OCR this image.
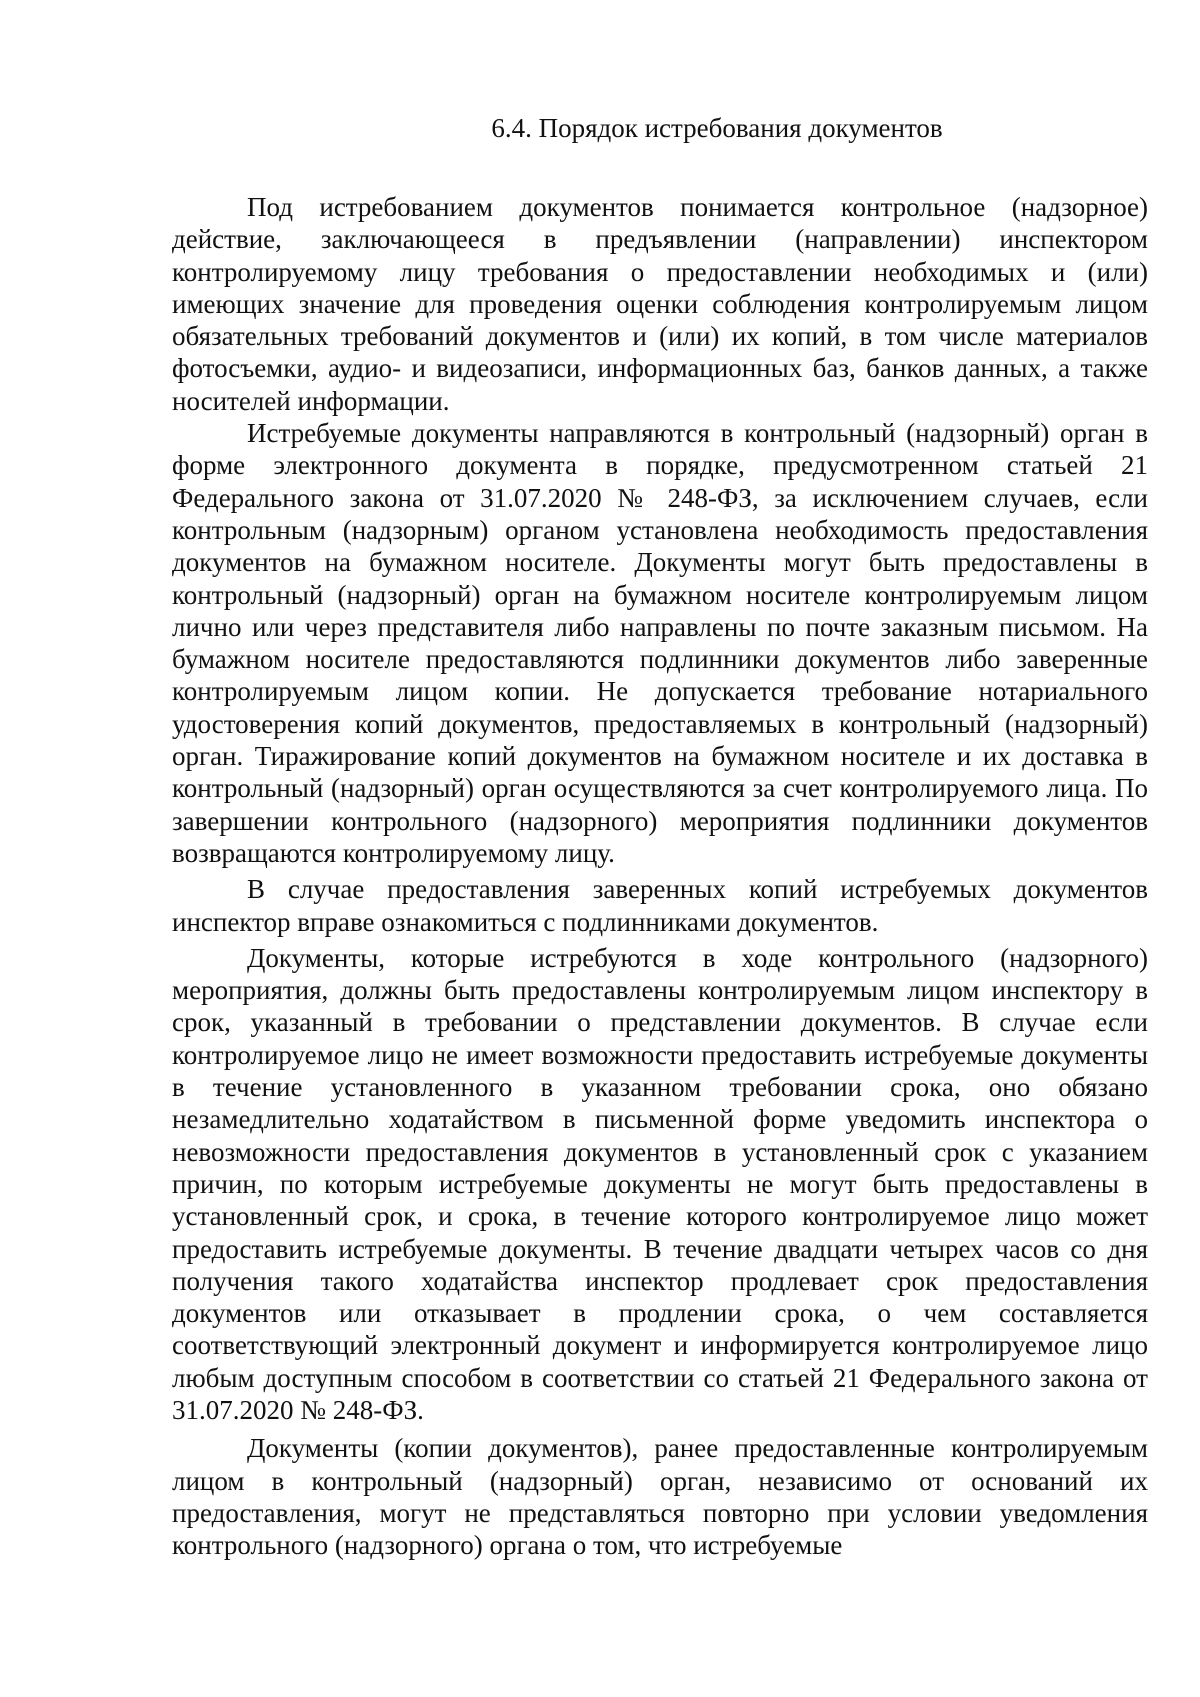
6.4. Порядок истребования документов

Под истребованием документов понимается контрольное (надзорное) действие, заключающееся в предъявлении (направлении) инспектором контролируемому лицу требования о предоставлении необходимых и (или) имеющих значение для проведения оценки соблюдения контролируемым лицом обязательных требований документов и (или) их копий, в том числе материалов фотосъемки, аудио- и видеозаписи, информационных баз, банков данных, а также носителей информации.

Истребуемые документы направляются в контрольный (надзорный) орган в форме электронного документа в порядке, предусмотренном статьей 21 Федерального закона от 31.07.2020 № 248-ФЗ, за исключением случаев, если контрольным (надзорным) органом установлена необходимость предоставления документов на бумажном носителе. Документы могут быть предоставлены в контрольный (надзорный) орган на бумажном носителе контролируемым лицом лично или через представителя либо направлены по почте заказным письмом. На бумажном носителе предоставляются подлинники документов либо заверенные контролируемым лицом копии. Не допускается требование нотариального удостоверения копий документов, предоставляемых в контрольный (надзорный) орган. Тиражирование копий документов на бумажном носителе и их доставка в контрольный (надзорный) орган осуществляются за счет контролируемого лица. По завершении контрольного (надзорного) мероприятия подлинники документов возвращаются контролируемому лицу.

В случае предоставления заверенных копий истребуемых документов инспектор вправе ознакомиться с подлинниками документов.

Документы, которые истребуются в ходе контрольного (надзорного) мероприятия, должны быть предоставлены контролируемым лицом инспектору в срок, указанный в требовании о представлении документов. В случае если контролируемое лицо не имеет возможности предоставить истребуемые документы в течение установленного в указанном требовании срока, оно обязано незамедлительно ходатайством в письменной форме уведомить инспектора о невозможности предоставления документов в установленный срок с указанием причин, по которым истребуемые документы не могут быть предоставлены в установленный срок, и срока, в течение которого контролируемое лицо может предоставить истребуемые документы. В течение двадцати четырех часов со дня получения такого ходатайства инспектор продлевает срок предоставления документов или отказывает в продлении срока, о чем составляется соответствующий электронный документ и информируется контролируемое лицо любым доступным способом в соответствии со статьей 21 Федерального закона от 31.07.2020 № 248-ФЗ.

Документы (копии документов), ранее предоставленные контролируемым лицом в контрольный (надзорный) орган, независимо от оснований их предоставления, могут не представляться повторно при условии уведомления контрольного (надзорного) органа о том, что истребуемые
